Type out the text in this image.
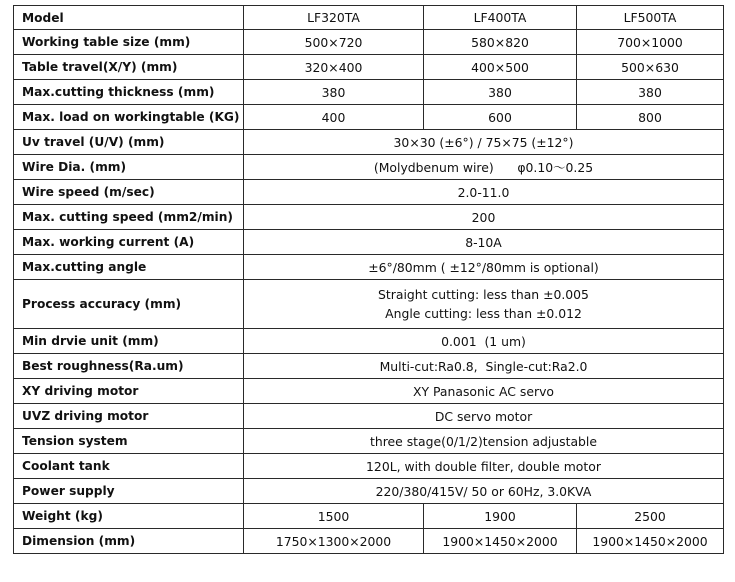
Model	LF320TA	LF400TA	LF500TA
Working table size (mm)	500×720	580×820	700×1000
Table travel(X/Y) (mm)	320×400	400×500	500×630
Max.cutting thickness (mm)	380	380	380
Max. load on workingtable (KG)	400	600	800
Uv travel (U/V) (mm)	30×30 (±6°) / 75×75 (±12°)		
Wire Dia. (mm)	(Molydbenum wire)      φ0.10～0.25		
Wire speed (m/sec)	2.0-11.0		
Max. cutting speed (mm2/min)	200		
Max. working current (A)	8-10A		
Max.cutting angle	±6°/80mm ( ±12°/80mm is optional)		
Process accuracy (mm)	Straight cutting: less than ±0.005
Angle cutting: less than ±0.012		

Min drvie unit (mm)	0.001  (1 um)		
Best roughness(Ra.um)	Multi-cut:Ra0.8,  Single-cut:Ra2.0		
XY driving motor	XY Panasonic AC servo		
UVZ driving motor	DC servo motor		
Tension system	three stage(0/1/2)tension adjustable		
Coolant tank	120L, with double filter, double motor		
Power supply	220/380/415V/ 50 or 60Hz, 3.0KVA		
Weight (kg)	1500	1900	2500
Dimension (mm)	1750×1300×2000	1900×1450×2000	1900×1450×2000
